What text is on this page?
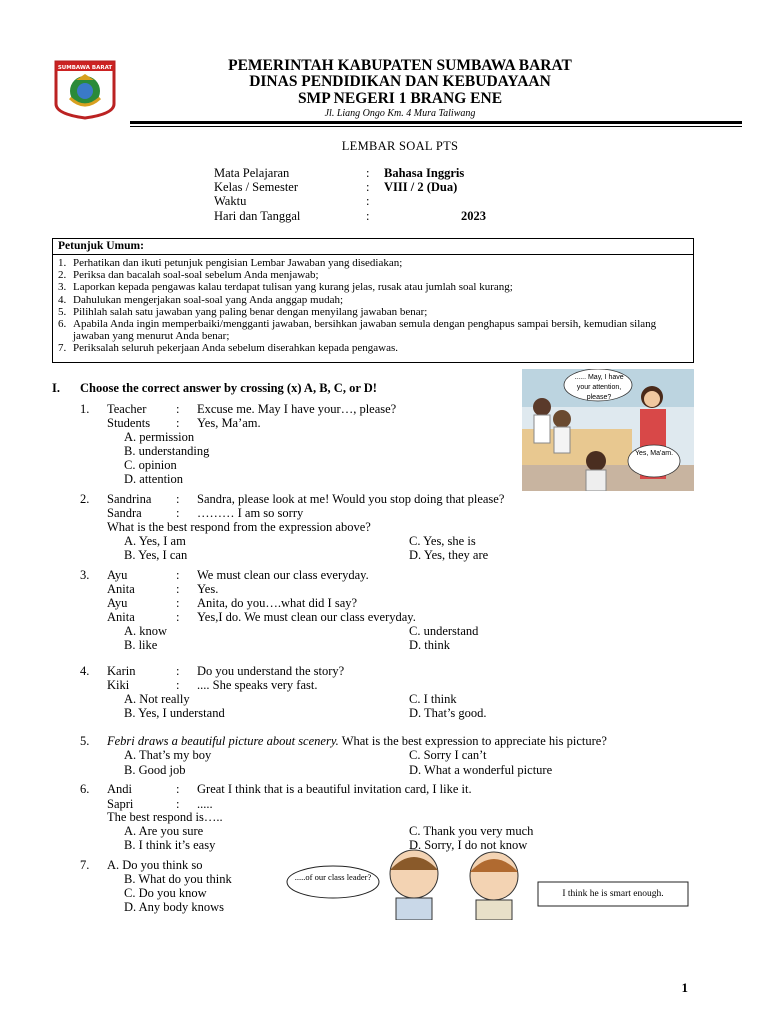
SUMBAWA BARAT	PEMERINTAH KABUPATEN SUMBAWA BARAT
DINAS PENDIDIKAN DAN KEBUDAYAAN
SMP NEGERI 1 BRANG ENE
Jl. Liang Ongo Km. 4 Mura Taliwang
LEMBAR SOAL PTS
Mata Pelajaran	: Bahasa Inggris
Kelas / Semester	: VIII / 2 (Dua)
Waktu	:
Hari dan Tanggal	:	2023
Petunjuk Umum:
1. Perhatikan dan ikuti petunjuk pengisian Lembar Jawaban yang disediakan;
2. Periksa dan bacalah soal-soal sebelum Anda menjawab;
3. Laporkan kepada pengawas kalau terdapat tulisan yang kurang jelas, rusak atau jumlah soal kurang;
4. Dahulukan mengerjakan soal-soal yang Anda anggap mudah;
5. Pilihlah salah satu jawaban yang paling benar dengan menyilang jawaban benar;
6. Apabila Anda ingin memperbaiki/mengganti jawaban, bersihkan jawaban semula dengan penghapus sampai bersih, kemudian silang jawaban yang menurut Anda benar;
7. Periksalah seluruh pekerjaan Anda sebelum diserahkan kepada pengawas.
I. Choose the correct answer by crossing (x) A, B, C, or D!
1. Teacher : Excuse me. May I have your…, please?
Students : Yes, Ma’am.
A. permission
B. understanding
C. opinion
D. attention
2. Sandrina : Sandra, please look at me! Would you stop doing that please?
Sandra	: ……… I am so sorry
What is the best respond from the expression above?
A. Yes, I am
B. Yes, I can
C. Yes, she is
D. Yes, they are
3. Ayu	: We must clean our class everyday.
Anita	: Yes.
Ayu	: Anita, do you….what did I say?
Anita	: Yes,I do. We must clean our class everyday.
A. know
B. like
C. understand
D. think
4. Karin	: Do you understand the story?
Kiki	: .... She speaks very fast.
A. Not really
B. Yes, I understand
C. I think
D. That’s good.
5. Febri draws a beautiful picture about scenery. What is the best expression to appreciate his picture?
A. That’s my boy
B. Good job
C. Sorry I can’t
D. What a wonderful picture
6. Andi	: Great I think that is a beautiful invitation card, I like it.
Sapri	: .....
The best respond is…..
A. Are you sure
B. I think it’s easy
C. Thank you very much
D. Sorry, I do not know
7. A. Do you think so
B. What do you think
C. Do you know
D. Any body knows
...... May, I have your attention, please?
Yes, Ma'am.
.....of our class leader?
I think he is smart enough.
1
